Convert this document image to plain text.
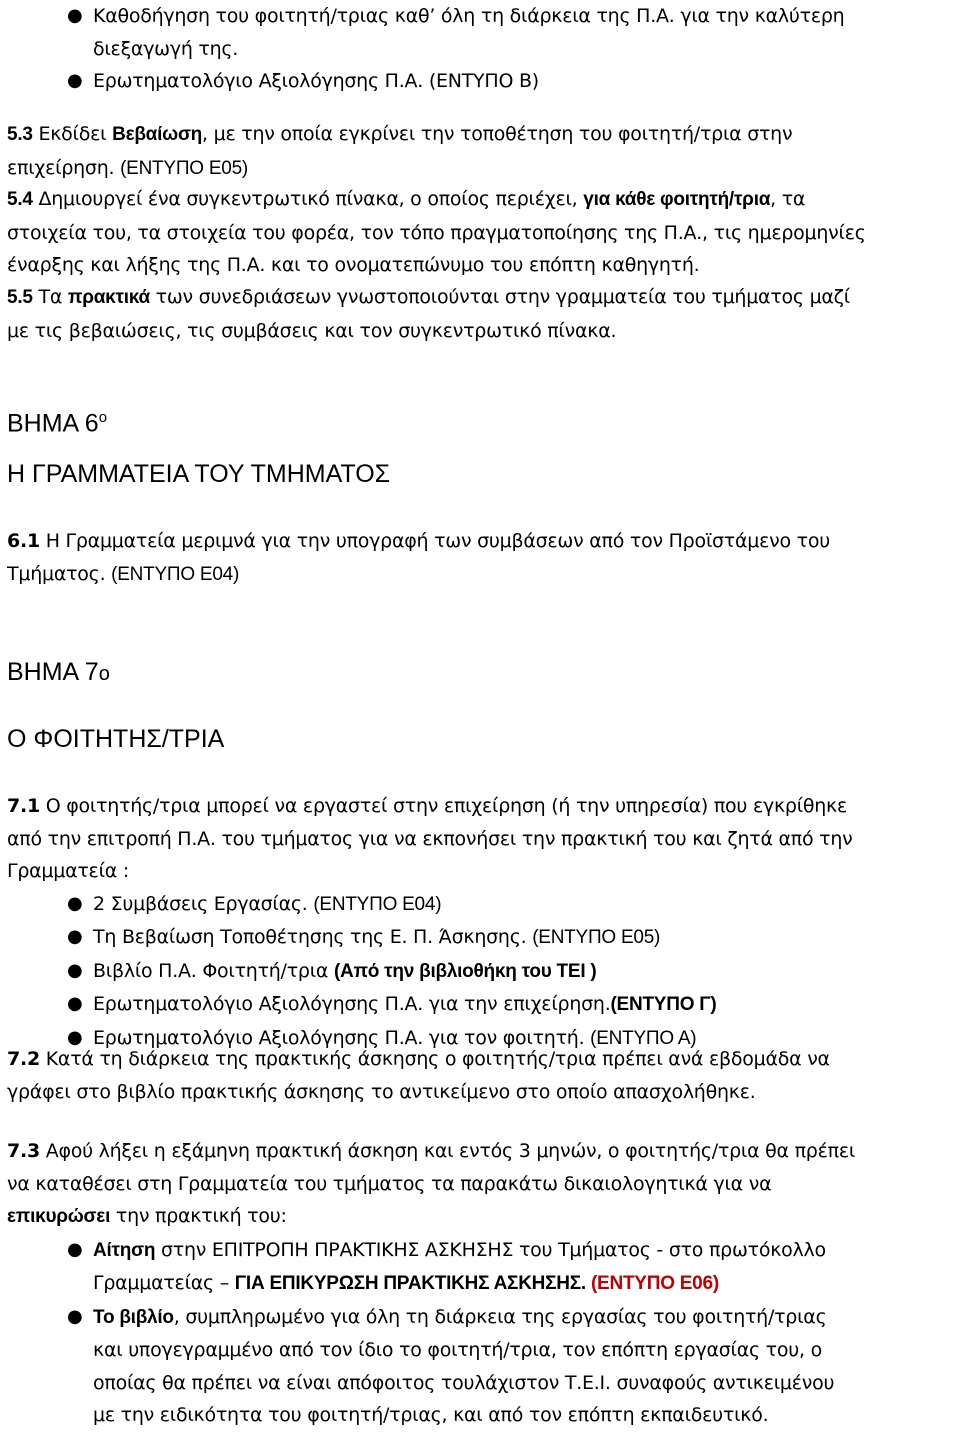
● Καθοδήγηση του φοιτητή/τριας καθ’ όλη τη διάρκεια της Π.Α. για την καλύτερη
διεξαγωγή της.
● Ερωτηματολόγιο Αξιολόγησης Π.Α. (ΕΝΤΥΠΟ Β)

5.3 Εκδίδει Βεβαίωση, με την οποία εγκρίνει την τοποθέτηση του φοιτητή/τρια στην

επιχείρηση. (ΕΝΤΥΠΟ Ε05)

5.4 Δημιουργεί ένα συγκεντρωτικό πίνακα, ο οποίος περιέχει, για κάθε φοιτητή/τρια, τα

στοιχεία του, τα στοιχεία του φορέα, τον τόπο πραγματοποίησης της Π.Α., τις ημερομηνίες

έναρξης και λήξης της Π.Α. και το ονοματεπώνυμο του επόπτη καθηγητή.

5.5 Τα πρακτικά των συνεδριάσεων γνωστοποιούνται στην γραμματεία του τμήματος μαζί

με τις βεβαιώσεις, τις συμβάσεις και τον συγκεντρωτικό πίνακα.

ΒΗΜΑ $6^o$

Η ΓΡΑΜΜΑΤΕΙΑ ΤΟΥ ΤΜΗΜΑΤΟΣ

6.1 Η Γραμματεία μεριμνά για την υπογραφή των συμβάσεων από τον Προϊστάμενο του

Τμήματος. (ΕΝΤΥΠΟ Ε04)

ΒΗΜΑ 7ο

Ο ΦΟΙΤΗΤΗΣ/ΤΡΙΑ

7.1 Ο φοιτητής/τρια μπορεί να εργαστεί στην επιχείρηση (ή την υπηρεσία) που εγκρίθηκε

από την επιτροπή Π.Α. του τμήματος για να εκπονήσει την πρακτική του και ζητά από την

Γραμματεία :

● 2 Συμβάσεις Εργασίας. (ΕΝΤΥΠΟ Ε04)
● Τη Βεβαίωση Τοποθέτησης της Ε. Π. Άσκησης. (ΕΝΤΥΠΟ Ε05)
● Βιβλίο Π.Α. Φοιτητή/τρια (Από την βιβλιοθήκη του ΤΕΙ )
● Ερωτηματολόγιο Αξιολόγησης Π.Α. για την επιχείρηση.(ΕΝΤΥΠΟ Γ)
● Ερωτηματολόγιο Αξιολόγησης Π.Α. για τον φοιτητή. (ΕΝΤΥΠΟ Α)

7.2 Κατά τη διάρκεια της πρακτικής άσκησης ο φοιτητής/τρια πρέπει ανά εβδομάδα να

γράφει στο βιβλίο πρακτικής άσκησης το αντικείμενο στο οποίο απασχολήθηκε.

7.3 Αφού λήξει η εξάμηνη πρακτική άσκηση και εντός 3 μηνών, ο φοιτητής/τρια θα πρέπει

να καταθέσει στη Γραμματεία του τμήματος τα παρακάτω δικαιολογητικά για να

επικυρώσει την πρακτική του:

● Αίτηση στην ΕΠΙΤΡΟΠΗ ΠΡΑΚΤΙΚΗΣ ΑΣΚΗΣΗΣ του Τμήματος - στο πρωτόκολλο
Γραμματείας – ΓΙΑ ΕΠΙΚΥΡΩΣΗ ΠΡΑΚΤΙΚΗΣ ΑΣΚΗΣΗΣ. (ΕΝΤΥΠΟ Ε06)
● Το βιβλίο, συμπληρωμένο για όλη τη διάρκεια της εργασίας του φοιτητή/τριας
και υπογεγραμμένο από τον ίδιο το φοιτητή/τρια, τον επόπτη εργασίας του, ο
οποίας θα πρέπει να είναι απόφοιτος τουλάχιστον Τ.Ε.Ι. συναφούς αντικειμένου
με την ειδικότητα του φοιτητή/τριας, και από τον επόπτη εκπαιδευτικό.
